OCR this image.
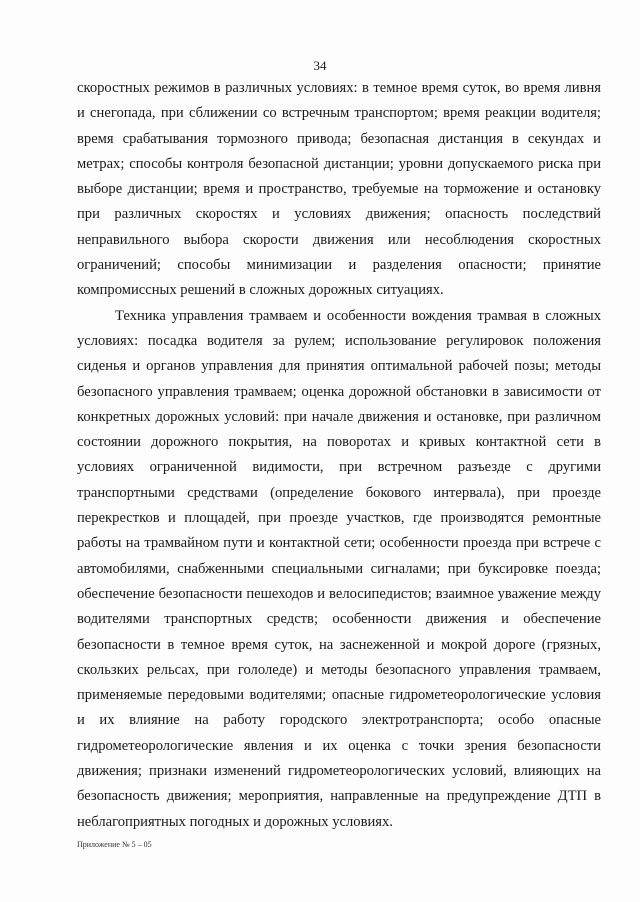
34

скоростных режимов в различных условиях: в темное время суток, во время ливня и снегопада, при сближении со встречным транспортом; время реакции водителя; время срабатывания тормозного привода; безопасная дистанция в секундах и метрах; способы контроля безопасной дистанции; уровни допускаемого риска при выборе дистанции; время и пространство, требуемые на торможение и остановку при различных скоростях и условиях движения; опасность последствий неправильного выбора скорости движения или несоблюдения скоростных ограничений; способы минимизации и разделения опасности; принятие компромиссных решений в сложных дорожных ситуациях.

Техника управления трамваем и особенности вождения трамвая в сложных условиях: посадка водителя за рулем; использование регулировок положения сиденья и органов управления для принятия оптимальной рабочей позы; методы безопасного управления трамваем; оценка дорожной обстановки в зависимости от конкретных дорожных условий: при начале движения и остановке, при различном состоянии дорожного покрытия, на поворотах и кривых контактной сети в условиях ограниченной видимости, при встречном разъезде с другими транспортными средствами (определение бокового интервала), при проезде перекрестков и площадей, при проезде участков, где производятся ремонтные работы на трамвайном пути и контактной сети; особенности проезда при встрече с автомобилями, снабженными специальными сигналами; при буксировке поезда; обеспечение безопасности пешеходов и велосипедистов; взаимное уважение между водителями транспортных средств; особенности движения и обеспечение безопасности в темное время суток, на заснеженной и мокрой дороге (грязных, скользких рельсах, при гололеде) и методы безопасного управления трамваем, применяемые передовыми водителями; опасные гидрометеорологические условия и их влияние на работу городского электротранспорта; особо опасные гидрометеорологические явления и их оценка с точки зрения безопасности движения; признаки изменений гидрометеорологических условий, влияющих на безопасность движения; мероприятия, направленные на предупреждение ДТП в неблагоприятных погодных и дорожных условиях.

Приложение № 5 – 05
